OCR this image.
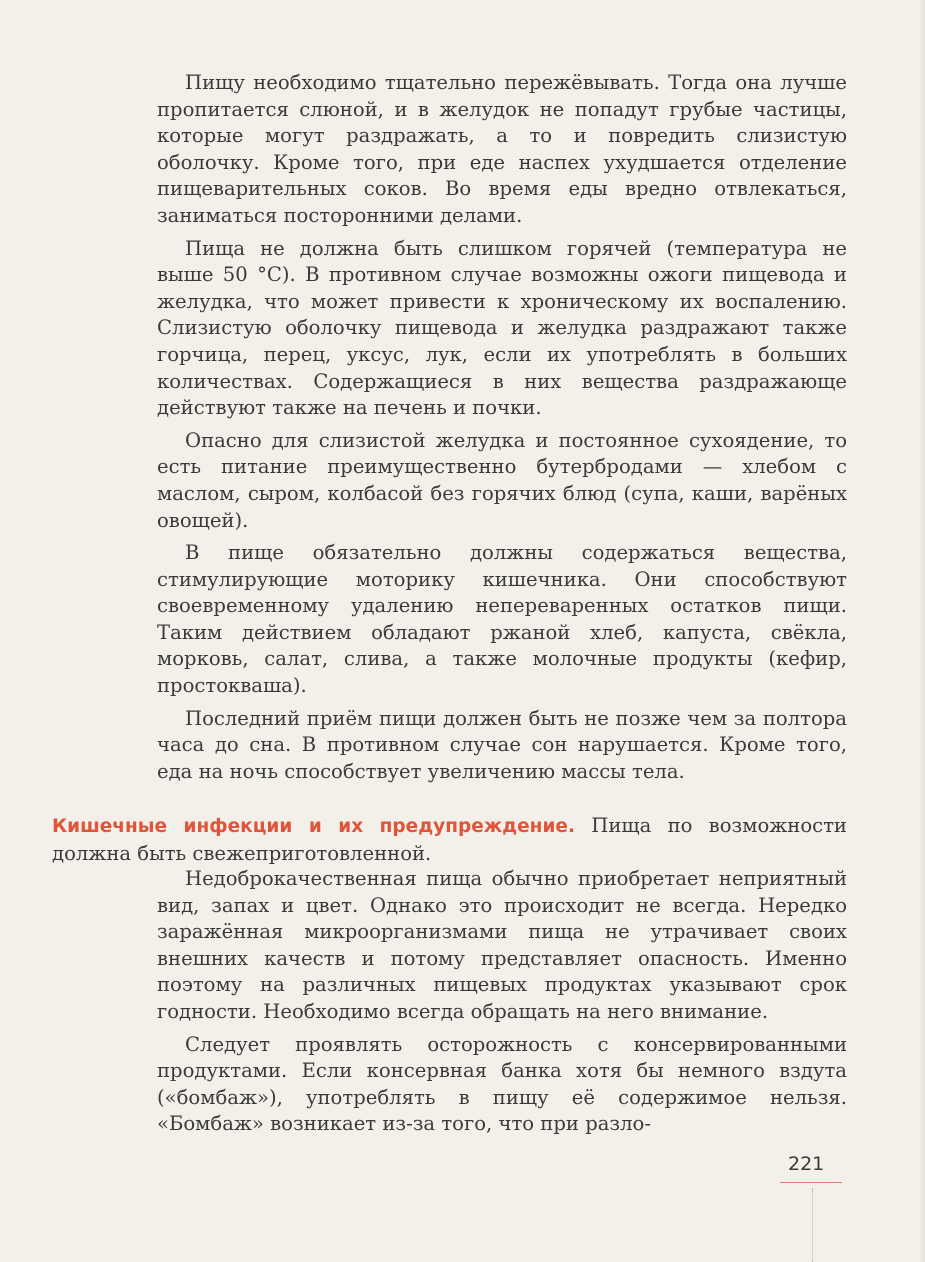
Пищу необходимо тщательно пережёвывать. Тогда она лучше пропитается слюной, и в желудок не попадут грубые частицы, которые могут раздражать, а то и повредить слизистую оболочку. Кроме того, при еде наспех ухудшается отделение пищеварительных соков. Во время еды вредно отвлекаться, заниматься посторонними делами.

Пища не должна быть слишком горячей (температура не выше 50 °С). В противном случае возможны ожоги пищевода и желудка, что может привести к хроническому их воспалению. Слизистую оболочку пищевода и желудка раздражают также горчица, перец, уксус, лук, если их употреблять в больших количествах. Содержащиеся в них вещества раздражающе действуют также на печень и почки.

Опасно для слизистой желудка и постоянное сухоядение, то есть питание преимущественно бутербродами — хлебом с маслом, сыром, колбасой без горячих блюд (супа, каши, варёных овощей).

В пище обязательно должны содержаться вещества, стимулирующие моторику кишечника. Они способствуют своевременному удалению непереваренных остатков пищи. Таким действием обладают ржаной хлеб, капуста, свёкла, морковь, салат, слива, а также молочные продукты (кефир, простокваша).

Последний приём пищи должен быть не позже чем за полтора часа до сна. В противном случае сон нарушается. Кроме того, еда на ночь способствует увеличению массы тела.

Кишечные инфекции и их предупреждение. Пища по возможности должна быть свежеприготовленной.

Недоброкачественная пища обычно приобретает неприятный вид, запах и цвет. Однако это происходит не всегда. Нередко заражённая микроорганизмами пища не утрачивает своих внешних качеств и потому представляет опасность. Именно поэтому на различных пищевых продуктах указывают срок годности. Необходимо всегда обращать на него внимание.

Следует проявлять осторожность с консервированными продуктами. Если консервная банка хотя бы немного вздута («бомбаж»), употреблять в пищу её содержимое нельзя. «Бомбаж» возникает из-за того, что при разло-

221
